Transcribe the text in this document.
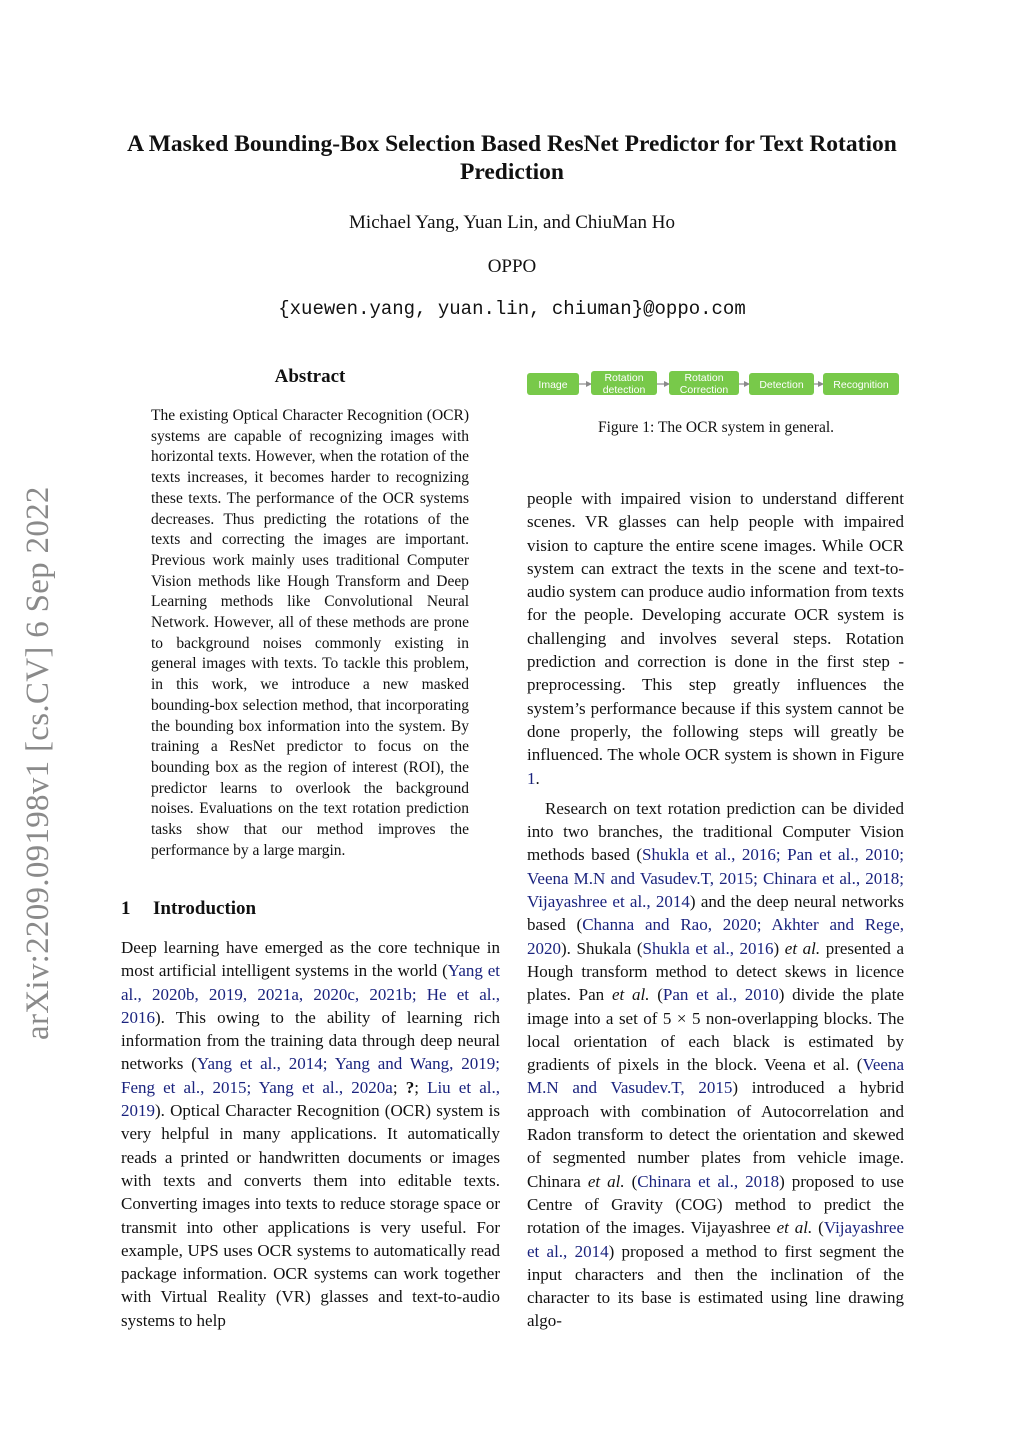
arXiv:2209.09198v1 [cs.CV] 6 Sep 2022
A Masked Bounding-Box Selection Based ResNet Predictor for Text Rotation Prediction
Michael Yang, Yuan Lin, and ChiuMan Ho
OPPO
{xuewen.yang, yuan.lin, chiuman}@oppo.com
Abstract
The existing Optical Character Recognition (OCR) systems are capable of recognizing images with horizontal texts. However, when the rotation of the texts increases, it becomes harder to recognizing these texts. The performance of the OCR systems decreases. Thus predicting the rotations of the texts and correcting the images are important. Previous work mainly uses traditional Computer Vision methods like Hough Transform and Deep Learning methods like Convolutional Neural Network. However, all of these methods are prone to background noises commonly existing in general images with texts. To tackle this problem, in this work, we introduce a new masked bounding-box selection method, that incorporating the bounding box information into the system. By training a ResNet predictor to focus on the bounding box as the region of interest (ROI), the predictor learns to overlook the background noises. Evaluations on the text rotation prediction tasks show that our method improves the performance by a large margin.
1 Introduction

Deep learning have emerged as the core technique in most artificial intelligent systems in the world (Yang et al., 2020b, 2019, 2021a, 2020c, 2021b; He et al., 2016). This owing to the ability of learning rich information from the training data through deep neural networks (Yang et al., 2014; Yang and Wang, 2019; Feng et al., 2015; Yang et al., 2020a; ?; Liu et al., 2019). Optical Character Recognition (OCR) system is very helpful in many applications. It automatically reads a printed or handwritten documents or images with texts and converts them into editable texts. Converting images into texts to reduce storage space or transmit into other applications is very useful. For example, UPS uses OCR systems to automatically read package information. OCR systems can work together with Virtual Reality (VR) glasses and text-to-audio systems to help

Image
Rotation
detection
Rotation
Correction	Detection	Recognition
Figure 1: The OCR system in general.

people with impaired vision to understand different scenes. VR glasses can help people with impaired vision to capture the entire scene images. While OCR system can extract the texts in the scene and text-to-audio system can produce audio information from texts for the people. Developing accurate OCR system is challenging and involves several steps. Rotation prediction and correction is done in the first step - preprocessing. This step greatly influences the system’s performance because if this system cannot be done properly, the following steps will greatly be influenced. The whole OCR system is shown in Figure 1.

Research on text rotation prediction can be divided into two branches, the traditional Computer Vision methods based (Shukla et al., 2016; Pan et al., 2010; Veena M.N and Vasudev.T, 2015; Chinara et al., 2018; Vijayashree et al., 2014) and the deep neural networks based (Channa and Rao, 2020; Akhter and Rege, 2020). Shukala (Shukla et al., 2016) et al. presented a Hough transform method to detect skews in licence plates. Pan et al. (Pan et al., 2010) divide the plate image into a set of 5 × 5 non-overlapping blocks. The local orientation of each black is estimated by gradients of pixels in the block. Veena et al. (Veena M.N and Vasudev.T, 2015) introduced a hybrid approach with combination of Autocorrelation and Radon transform to detect the orientation and skewed of segmented number plates from vehicle image. Chinara et al. (Chinara et al., 2018) proposed to use Centre of Gravity (COG) method to predict the rotation of the images. Vijayashree et al. (Vijayashree et al., 2014) proposed a method to first segment the input characters and then the inclination of the character to its base is estimated using line drawing algo-
